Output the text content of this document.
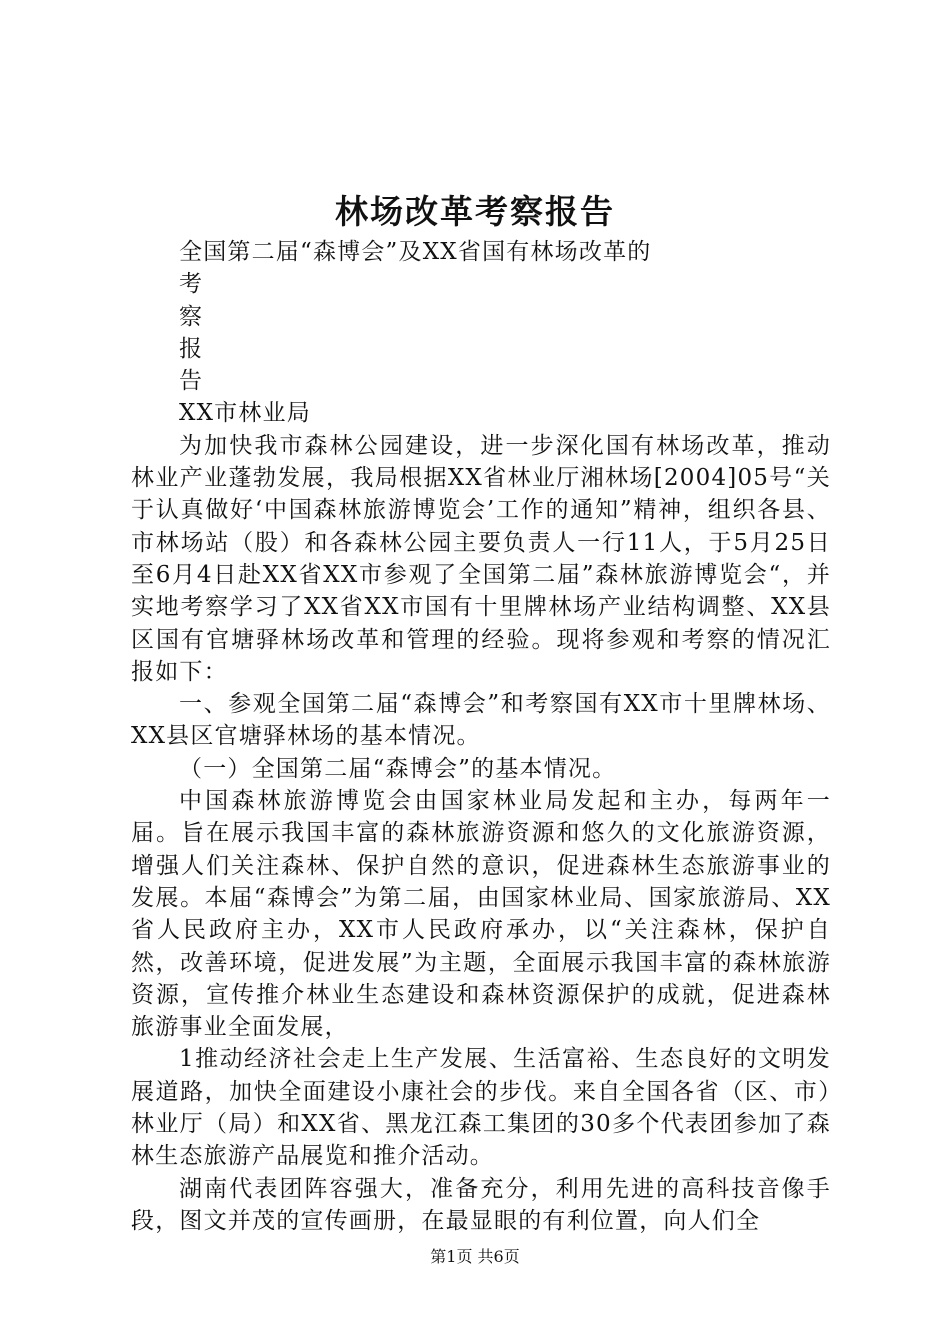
林场改革考察报告

全国第二届“森博会”及XX省国有林场改革的

考

察

报

告

XX市林业局

为加快我市森林公园建设，进一步深化国有林场改革，推动林业产业蓬勃发展，我局根据XX省林业厅湘林场[2004]05号“关于认真做好‘中国森林旅游博览会’工作的通知”精神，组织各县、市林场站（股）和各森林公园主要负责人一行11人，于5月25日至6月4日赴XX省XX市参观了全国第二届”森林旅游博览会“，并实地考察学习了XX省XX市国有十里牌林场产业结构调整、XX县区国有官塘驿林场改革和管理的经验。现将参观和考察的情况汇报如下：

一、参观全国第二届“森博会”和考察国有XX市十里牌林场、XX县区官塘驿林场的基本情况。

（一）全国第二届“森博会”的基本情况。

中国森林旅游博览会由国家林业局发起和主办，每两年一届。旨在展示我国丰富的森林旅游资源和悠久的文化旅游资源，增强人们关注森林、保护自然的意识，促进森林生态旅游事业的发展。本届“森博会”为第二届，由国家林业局、国家旅游局、XX省人民政府主办，XX市人民政府承办，以“关注森林，保护自然，改善环境，促进发展”为主题，全面展示我国丰富的森林旅游资源，宣传推介林业生态建设和森林资源保护的成就，促进森林旅游事业全面发展，

1推动经济社会走上生产发展、生活富裕、生态良好的文明发展道路，加快全面建设小康社会的步伐。来自全国各省（区、市）林业厅（局）和XX省、黑龙江森工集团的30多个代表团参加了森林生态旅游产品展览和推介活动。

湖南代表团阵容强大，准备充分，利用先进的高科技音像手段，图文并茂的宣传画册，在最显眼的有利位置，向人们全

第1页 共6页
